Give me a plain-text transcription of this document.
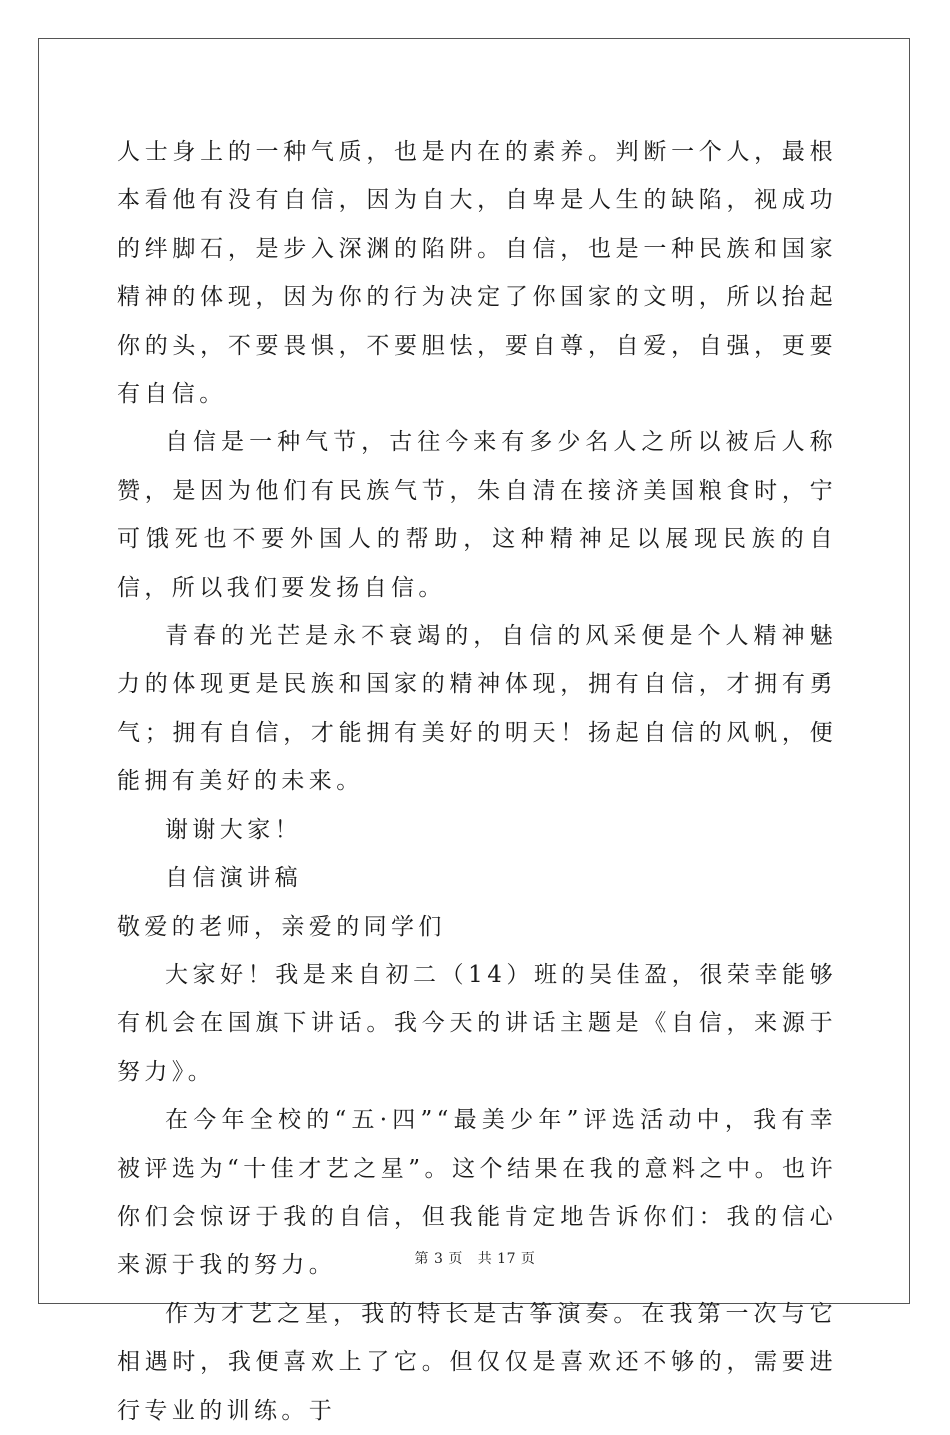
人士身上的一种气质，也是内在的素养。判断一个人，最根本看他有没有自信，因为自大，自卑是人生的缺陷，视成功的绊脚石，是步入深渊的陷阱。自信，也是一种民族和国家精神的体现，因为你的行为决定了你国家的文明，所以抬起你的头，不要畏惧，不要胆怯，要自尊，自爱，自强，更要有自信。

自信是一种气节，古往今来有多少名人之所以被后人称赞，是因为他们有民族气节，朱自清在接济美国粮食时，宁可饿死也不要外国人的帮助，这种精神足以展现民族的自信，所以我们要发扬自信。

青春的光芒是永不衰竭的，自信的风采便是个人精神魅力的体现更是民族和国家的精神体现，拥有自信，才拥有勇气；拥有自信，才能拥有美好的明天！扬起自信的风帆，便能拥有美好的未来。

谢谢大家！

自信演讲稿

敬爱的老师，亲爱的同学们

大家好！我是来自初二（14）班的吴佳盈，很荣幸能够有机会在国旗下讲话。我今天的讲话主题是《自信，来源于努力》。

在今年全校的“五·四”“最美少年”评选活动中，我有幸被评选为“十佳才艺之星”。这个结果在我的意料之中。也许你们会惊讶于我的自信，但我能肯定地告诉你们：我的信心来源于我的努力。

作为才艺之星，我的特长是古筝演奏。在我第一次与它相遇时，我便喜欢上了它。但仅仅是喜欢还不够的，需要进行专业的训练。于

第 3 页 共 17 页
